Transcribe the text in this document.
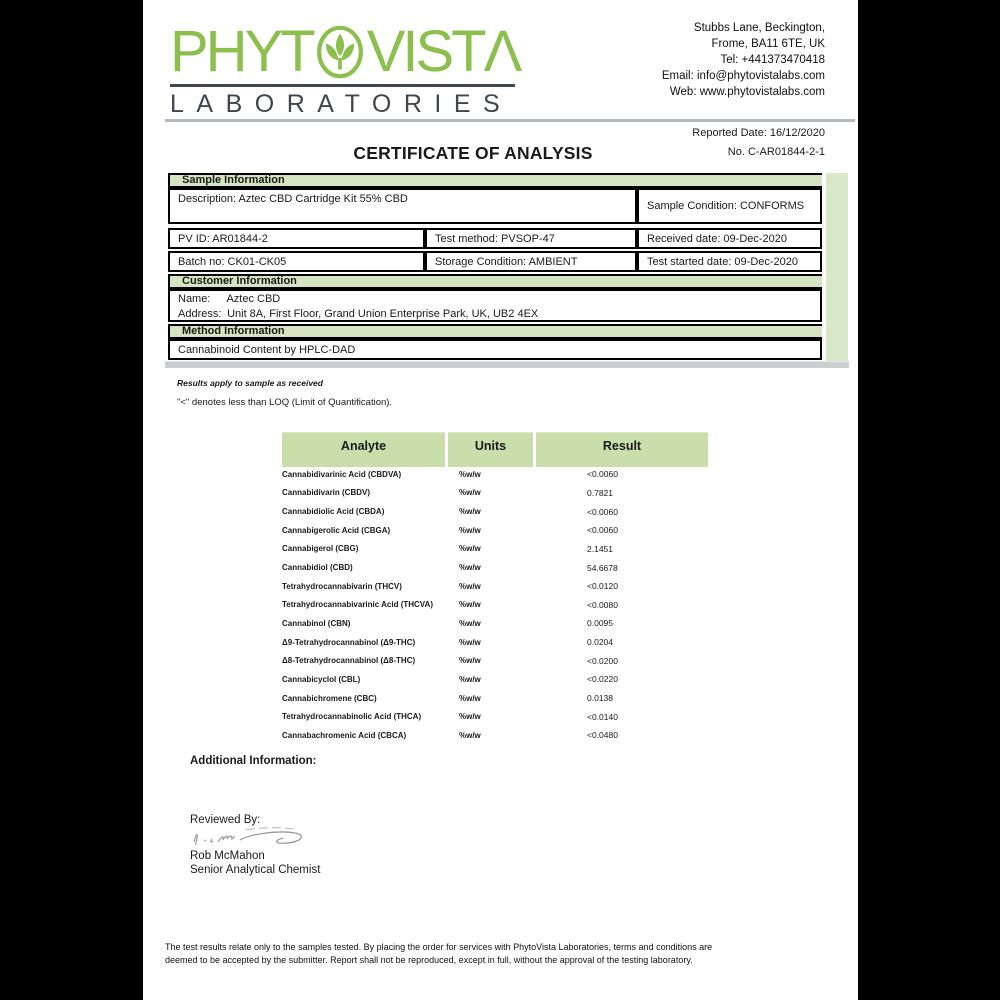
PHYT VISTΛ
LABORATORIES
Stubbs Lane, Beckington,
Frome, BA11 6TE, UK
Tel: +441373470418
Email: info@phytovistalabs.com
Web: www.phytovistalabs.com
Reported Date: 16/12/2020
No. C-AR01844-2-1
CERTIFICATE OF ANALYSIS
Sample Information
Description: Aztec CBD Cartridge Kit 55% CBD
Sample Condition: CONFORMS
PV ID: AR01844-2	Test method: PVSOP-47	Received date: 09-Dec-2020
Batch no: CK01-CK05	Storage Condition: AMBIENT	Test started date: 09-Dec-2020
Customer Information
Name: Aztec CBD
Address: Unit 8A, First Floor, Grand Union Enterprise Park, UK, UB2 4EX
Method Information
Cannabinoid Content by HPLC-DAD
Results apply to sample as received
"<" denotes less than LOQ (Limit of Quantification).
Analyte	Units	Result
Cannabidivarinic Acid (CBDVA)	%w/w	<0.0060
Cannabidivarin (CBDV)	%w/w	0.7821
Cannabidiolic Acid (CBDA)	%w/w	<0.0060
Cannabigerolic Acid (CBGA)	%w/w	<0.0060
Cannabigerol (CBG)	%w/w	2.1451
Cannabidiol (CBD)	%w/w	54.6678
Tetrahydrocannabivarin (THCV)	%w/w	<0.0120
Tetrahydrocannabivarinic Acid (THCVA)	%w/w	<0.0080
Cannabinol (CBN)	%w/w	0.0095
Δ9-Tetrahydrocannabinol (Δ9-THC)	%w/w	0.0204
Δ8-Tetrahydrocannabinol (Δ8-THC)	%w/w	<0.0200
Cannabicyclol (CBL)	%w/w	<0.0220
Cannabichromene (CBC)	%w/w	0.0138
Tetrahydrocannabinolic Acid (THCA)	%w/w	<0.0140
Cannabachromenic Acid (CBCA)	%w/w	<0.0480
Additional Information:
Reviewed By:
Rob McMahon
Senior Analytical Chemist
The test results relate only to the samples tested. By placing the order for services with PhytoVista Laboratories, terms and conditions are
deemed to be accepted by the submitter. Report shall not be reproduced, except in full, without the approval of the testing laboratory.
